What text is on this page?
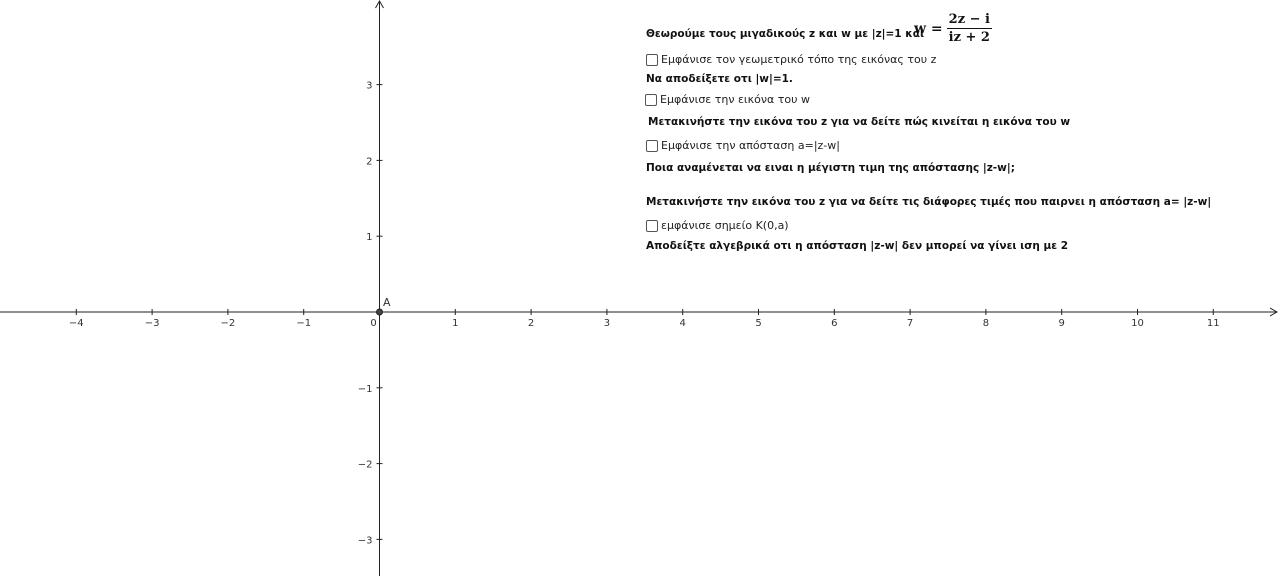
−4	−3	−2	−1	0	1	2	3	4	5	6	7	8	9	10	11
1
2
3
−1
−2
−3
A
Θεωρούμε τους μιγαδικούς z και w με |z|=1 και
$w = \frac{2z - i}{iz + 2}$
Εμφάνισε τον γεωμετρικό τόπο της εικόνας του z
Να αποδείξετε οτι |w|=1.
Εμφάνισε την εικόνα του w
Μετακινήστε την εικόνα του z για να δείτε πώς κινείται η εικόνα του w
Εμφάνισε την απόσταση a=|z-w|
Ποια αναμένεται να ειναι η μέγιστη τιμη της απόστασης |z-w|;
Μετακινήστε την εικόνα του z για να δείτε τις διάφορες τιμές που παιρνει η απόσταση a= |z-w|
εμφάνισε σημείο K(0,a)
Αποδείξτε αλγεβρικά οτι η απόσταση |z-w| δεν μπορεί να γίνει ιση με 2
